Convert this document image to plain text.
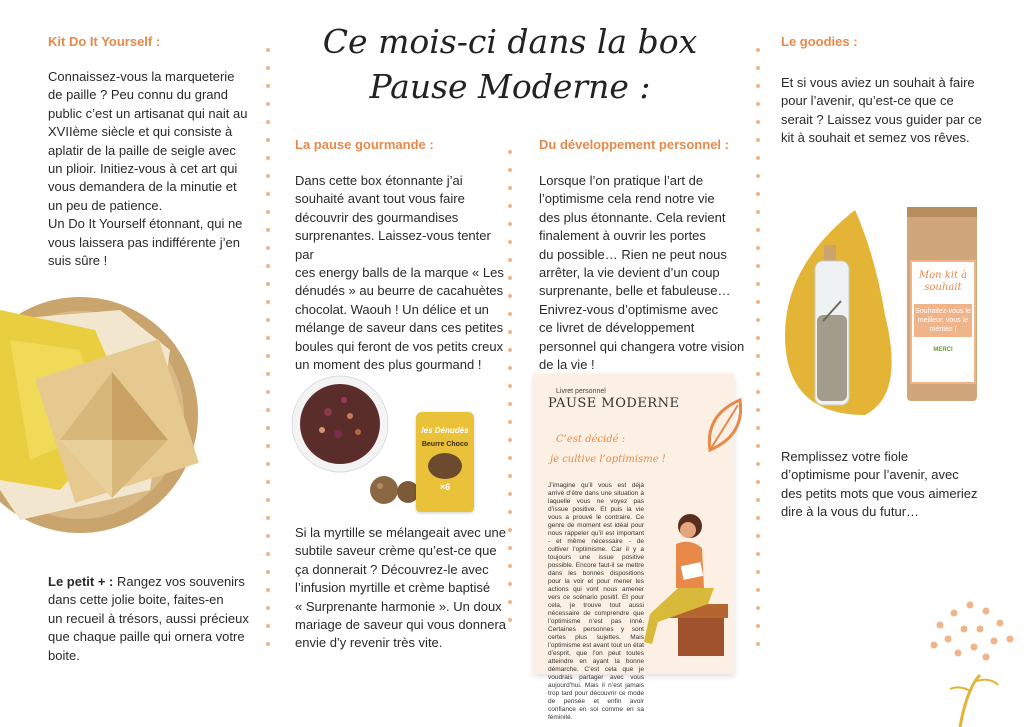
Ce mois-ci dans la box
Pause Moderne :
Kit Do It Yourself :
Connaissez-vous la marqueterie
de paille ? Peu connu du grand
public c’est un artisanat qui nait au
XVIIème siècle et qui consiste à
aplatir de la paille de seigle avec
un plioir. Initiez-vous à cet art qui
vous demandera de la minutie et
un peu de patience.
Un Do It Yourself étonnant, qui ne
vous laissera pas indifférente j’en
suis sûre !
Le petit + : Rangez vos souvenirs
dans cette jolie boite, faites-en
un recueil à trésors, aussi précieux
que chaque paille qui ornera votre
boite.
La pause gourmande :
Dans cette box étonnante j’ai
souhaité avant tout vous faire
découvrir des gourmandises
surprenantes. Laissez-vous tenter par
ces energy balls de la marque « Les
dénudés » au beurre de cacahuètes
chocolat. Waouh ! Un délice et un
mélange de saveur dans ces petites
boules qui feront de vos petits creux
un moment des plus gourmand !
les Dénudés
Beurre Choco
×6
Si la myrtille se mélangeait avec une
subtile saveur crème qu’est-ce que
ça donnerait ? Découvrez-le avec
l’infusion myrtille et crème baptisé
« Surprenante harmonie ». Un doux
mariage de saveur qui vous donnera
envie d’y revenir très vite.
Du développement personnel :
Lorsque l’on pratique l’art de
l’optimisme cela rend notre vie
des plus étonnante. Cela revient
finalement à ouvrir les portes
du possible… Rien ne peut nous
arrêter, la vie devient d’un coup
surprenante, belle et fabuleuse…
Enivrez-vous d’optimisme avec
ce livret de développement
personnel qui changera votre vision
de la vie !
Livret personnel
PAUSE MODERNE
C’est décidé :
je cultive l’optimisme !
J’imagine qu’il vous est déjà arrivé d’être dans une situation à laquelle vous ne voyez pas d’issue positive. Et puis la vie vous a prouvé le contraire. Ce genre de moment est idéal pour nous rappeler qu’il est important - et même nécessaire - de cultiver l’optimisme. Car il y a toujours une issue positive possible. Encore faut-il se mettre dans les bonnes dispositions pour la voir et pour mener les actions qui vont nous amener vers ce scénario positif. Et pour cela, je trouve tout aussi nécessaire de comprendre que l’optimisme n’est pas inné. Certaines personnes y sont certes plus sujettes. Mais l’optimisme est avant tout un état d’esprit, que l’on peut toutes atteindre en ayant la bonne démarche. C’est cela que je voudrais partager avec vous aujourd’hui. Mais il n’est jamais trop tard pour découvrir ce mode de pensée et enfin avoir confiance en soi comme en sa féminité.
Le goodies :
Et si vous aviez un souhait à faire
pour l’avenir, qu’est-ce que ce
serait ? Laissez vous guider par ce
kit à souhait et semez vos rêves.
Mon kit à souhait
Souhaitez-vous le meilleur, vous le méritez !
MERCI
Remplissez votre fiole
d’optimisme pour l’avenir, avec
des petits mots que vous aimeriez
dire à la vous du futur…
